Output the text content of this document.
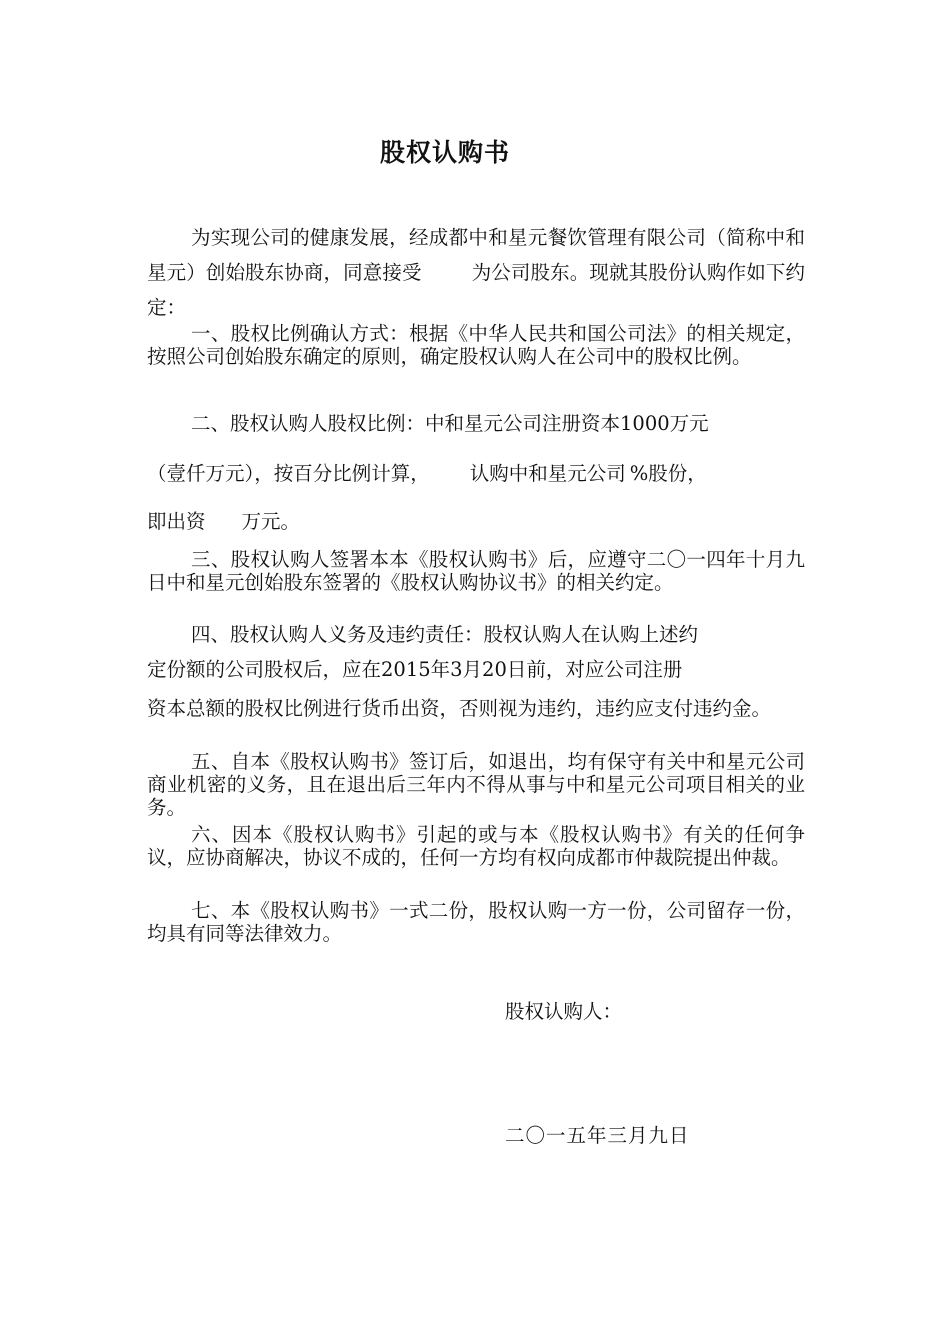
股权认购书

为实现公司的健康发展，经成都中和星元餐饮管理有限公司（简称中和星元）创始股东协商，同意接受	为公司股东。现就其股份认购作如下约定：

一、股权比例确认方式：根据《中华人民共和国公司法》的相关规定，按照公司创始股东确定的原则，确定股权认购人在公司中的股权比例。

二、股权认购人股权比例：中和星元公司注册资本1000万元

（壹仟万元），按百分比例计算， 认购中和星元公司 %股份，

即出资 万元。

三、股权认购人签署本本《股权认购书》后，应遵守二〇一四年十月九日中和星元创始股东签署的《股权认购协议书》的相关约定。

四、股权认购人义务及违约责任：股权认购人在认购上述约

定份额的公司股权后，应在2015年3月20日前，对应公司注册

资本总额的股权比例进行货币出资，否则视为违约，违约应支付违约金。

五、自本《股权认购书》签订后，如退出，均有保守有关中和星元公司商业机密的义务，且在退出后三年内不得从事与中和星元公司项目相关的业务。

六、因本《股权认购书》引起的或与本《股权认购书》有关的任何争议，应协商解决，协议不成的，任何一方均有权向成都市仲裁院提出仲裁。

七、本《股权认购书》一式二份，股权认购一方一份，公司留存一份，均具有同等法律效力。

股权认购人：
二〇一五年三月九日
